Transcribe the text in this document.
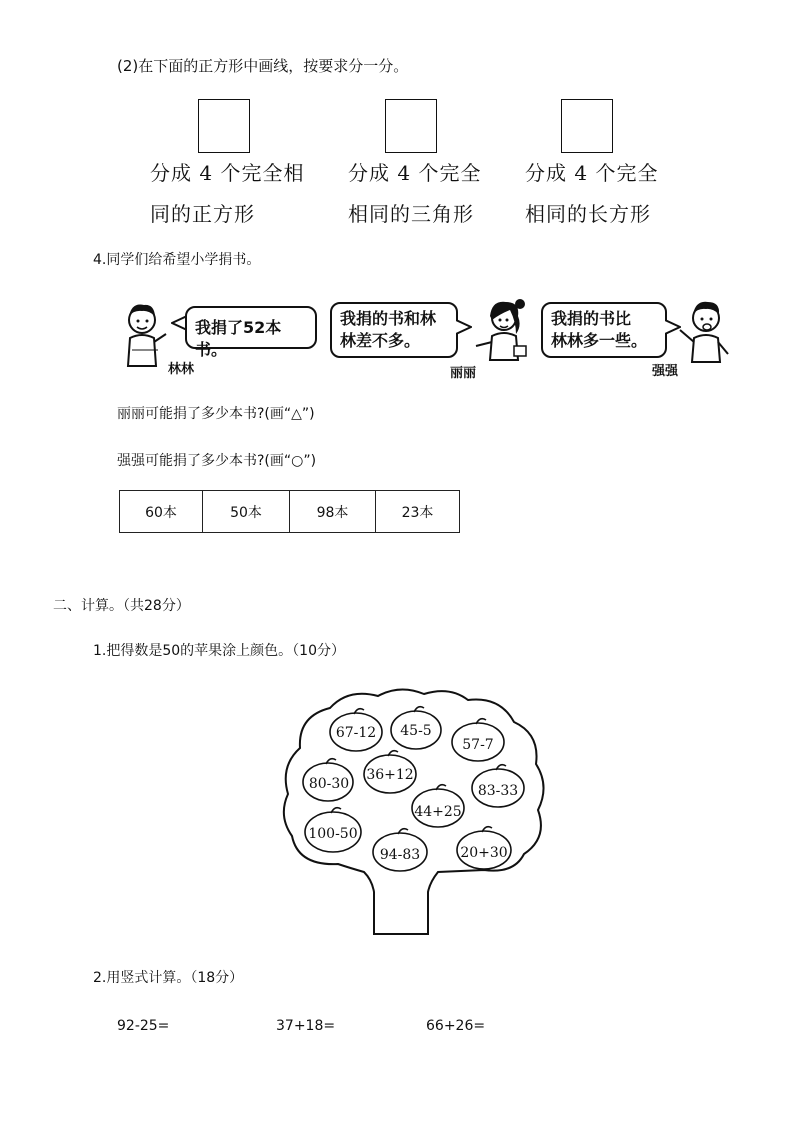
(2)在下面的正方形中画线，按要求分一分。
分成 4 个完全相
同的正方形
分成 4 个完全
相同的三角形
分成 4 个完全
相同的长方形
4.同学们给希望小学捐书。
林林
我捐了52本书。
我捐的书和林
林差不多。
丽丽
我捐的书比
林林多一些。
强强
丽丽可能捐了多少本书?(画“△”)
强强可能捐了多少本书?(画“○”)
60本	50本	98本	23本
二、计算。（共28分）
1.把得数是50的苹果涂上颜色。（10分）
67-12 45-5
57-7
80-30
36+12
83-33
44+25
100-50
94-83	20+30
2.用竖式计算。（18分）
92-25=	37+18=	66+26=
